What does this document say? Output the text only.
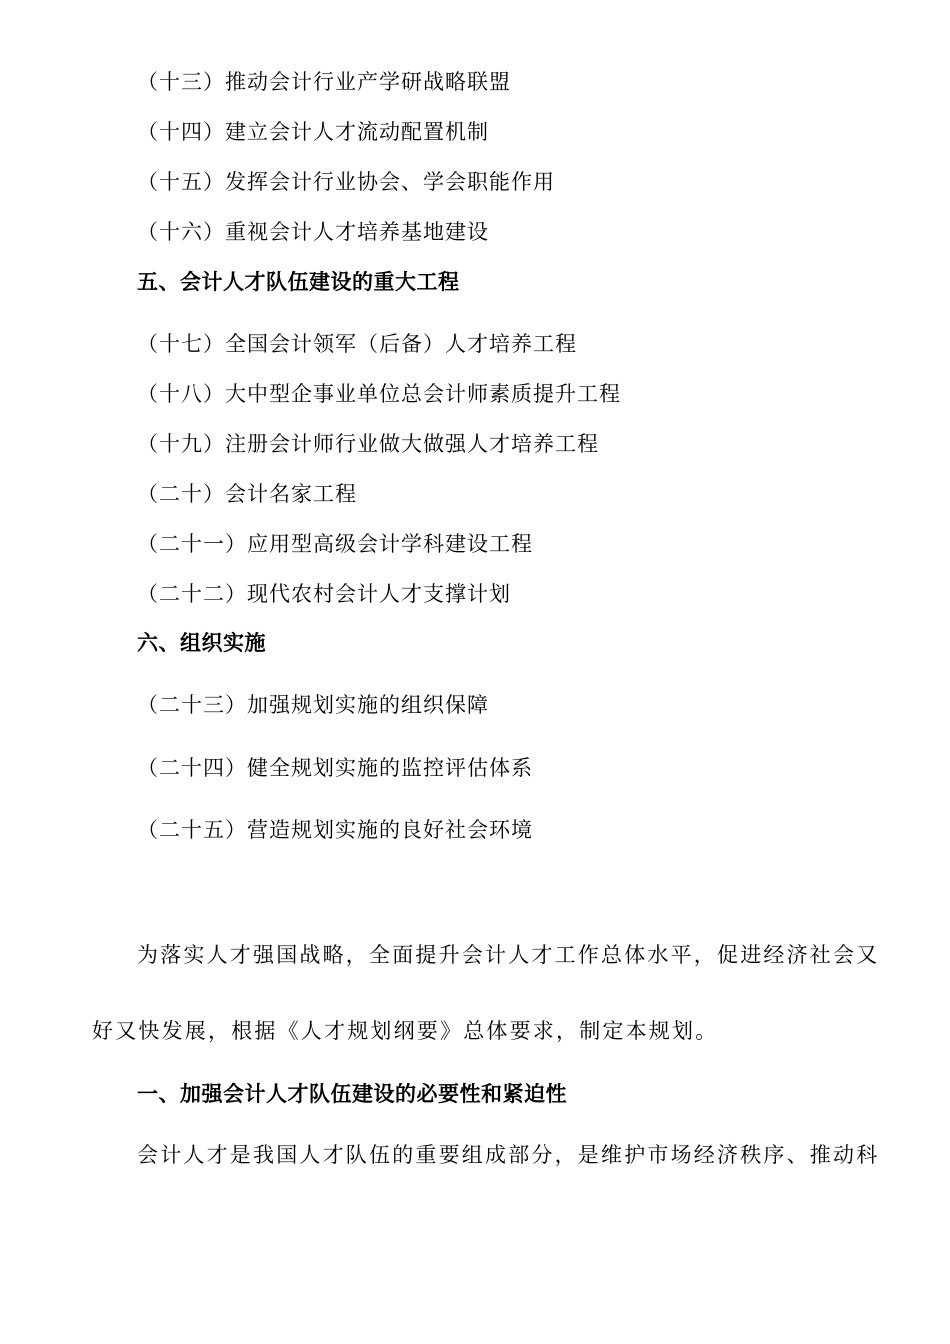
（十三）推动会计行业产学研战略联盟
（十四）建立会计人才流动配置机制
（十五）发挥会计行业协会、学会职能作用
（十六）重视会计人才培养基地建设
五、会计人才队伍建设的重大工程
（十七）全国会计领军（后备）人才培养工程
（十八）大中型企事业单位总会计师素质提升工程
（十九）注册会计师行业做大做强人才培养工程
（二十）会计名家工程
（二十一）应用型高级会计学科建设工程
（二十二）现代农村会计人才支撑计划
六、组织实施
（二十三）加强规划实施的组织保障
（二十四）健全规划实施的监控评估体系
（二十五）营造规划实施的良好社会环境
为落实人才强国战略，全面提升会计人才工作总体水平，促进经济社会又
好又快发展，根据《人才规划纲要》总体要求，制定本规划。
一、加强会计人才队伍建设的必要性和紧迫性
会计人才是我国人才队伍的重要组成部分，是维护市场经济秩序、推动科
